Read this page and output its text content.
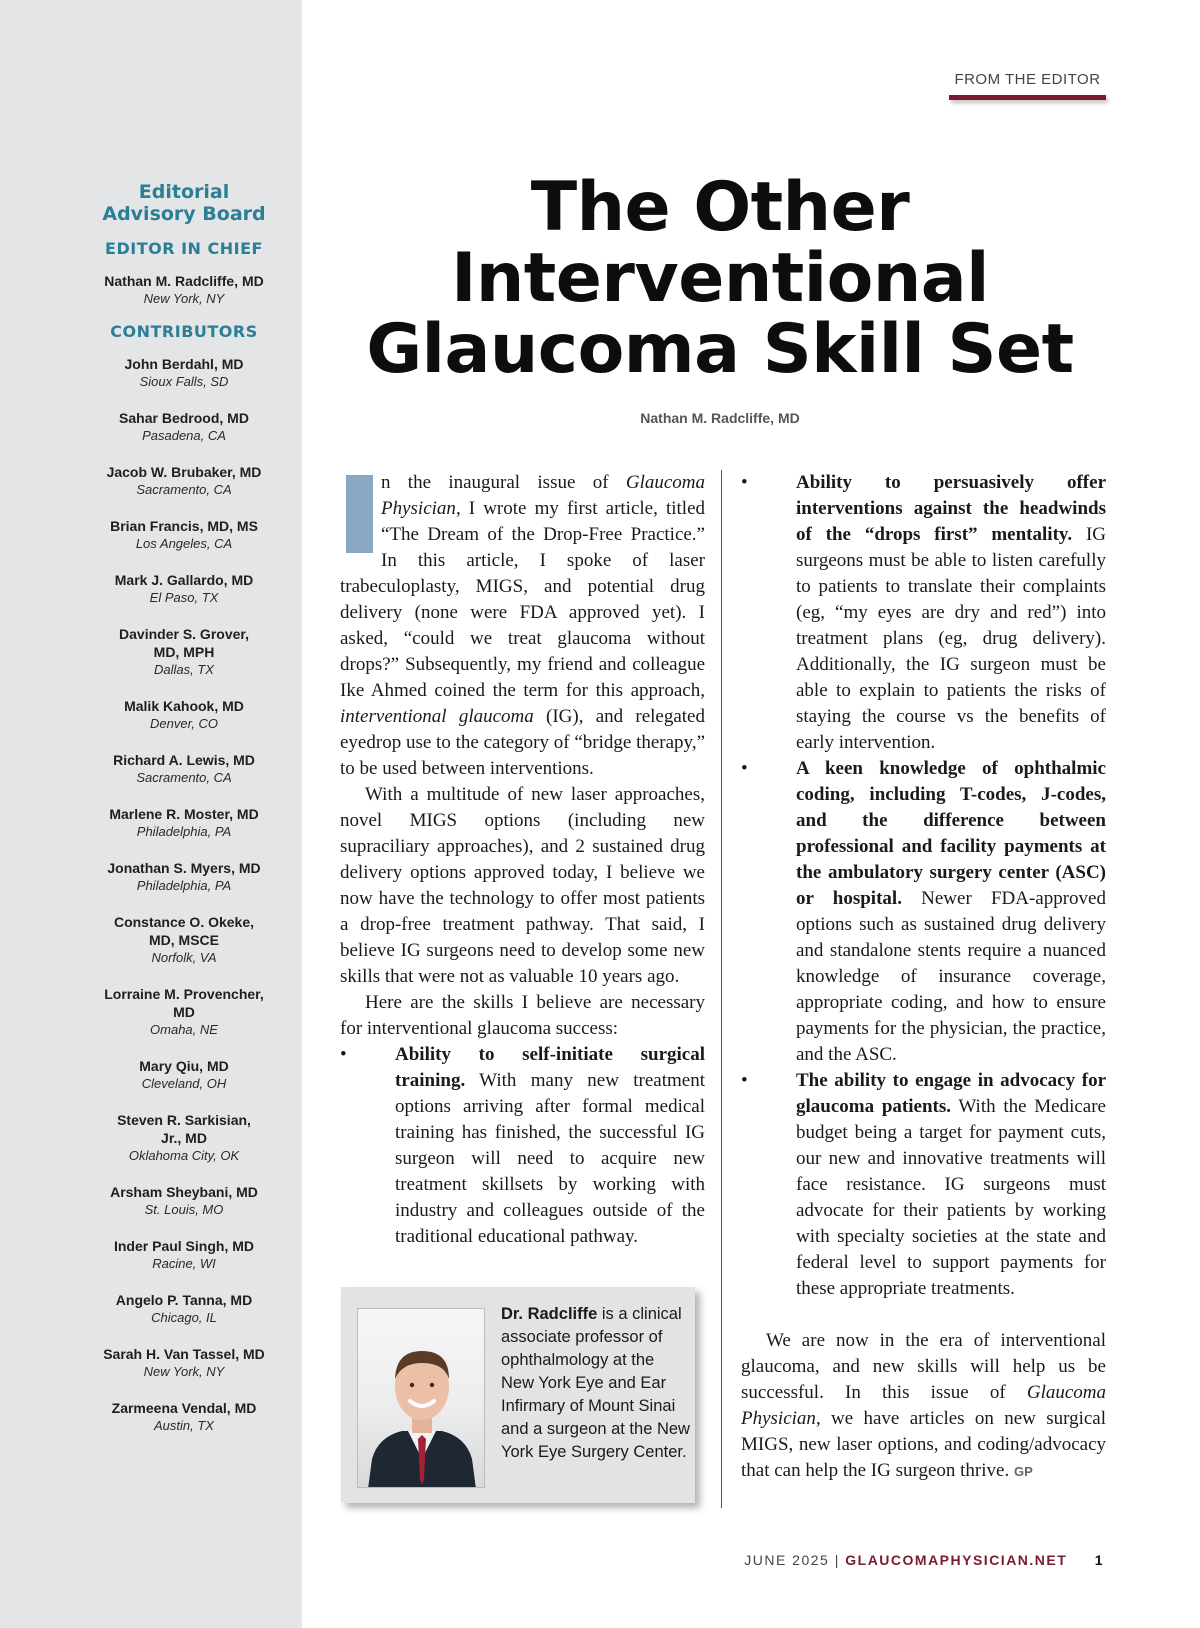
Editorial
Advisory Board
EDITOR IN CHIEF
Nathan M. Radcliffe, MD
New York, NY
CONTRIBUTORS
John Berdahl, MD
Sioux Falls, SD
Sahar Bedrood, MD
Pasadena, CA
Jacob W. Brubaker, MD
Sacramento, CA
Brian Francis, MD, MS
Los Angeles, CA
Mark J. Gallardo, MD
El Paso, TX
Davinder S. Grover,
MD, MPH
Dallas, TX
Malik Kahook, MD
Denver, CO
Richard A. Lewis, MD
Sacramento, CA
Marlene R. Moster, MD
Philadelphia, PA
Jonathan S. Myers, MD
Philadelphia, PA
Constance O. Okeke,
MD, MSCE
Norfolk, VA
Lorraine M. Provencher,
MD
Omaha, NE
Mary Qiu, MD
Cleveland, OH
Steven R. Sarkisian,
Jr., MD
Oklahoma City, OK
Arsham Sheybani, MD
St. Louis, MO
Inder Paul Singh, MD
Racine, WI
Angelo P. Tanna, MD
Chicago, IL
Sarah H. Van Tassel, MD
New York, NY
Zarmeena Vendal, MD
Austin, TX
FROM THE EDITOR
The Other
Interventional
Glaucoma Skill Set
Nathan M. Radcliffe, MD

n the inaugural issue of Glaucoma Physician, I wrote my first article, titled “The Dream of the Drop-Free Practice.” In this article, I spoke of laser trabeculoplasty, MIGS, and potential drug delivery (none were FDA approved yet). I asked, “could we treat glaucoma without drops?” Subsequently, my friend and colleague Ike Ahmed coined the term for this approach, interventional glaucoma (IG), and relegated eyedrop use to the category of “bridge therapy,” to be used between interventions.

With a multitude of new laser approaches, novel MIGS options (including new supraciliary approaches), and 2 sustained drug delivery options approved today, I believe we now have the technology to offer most patients a drop-free treatment pathway. That said, I believe IG surgeons need to develop some new skills that were not as valuable 10 years ago.

Here are the skills I believe are necessary for interventional glaucoma success:

•	Ability to self-initiate surgical training. With many new treatment options arriving after formal medical training has finished, the successful IG surgeon will need to acquire new treatment skillsets by working with industry and colleagues outside of the traditional educational pathway.
•	Ability to persuasively offer interventions against the headwinds of the “drops first” mentality. IG surgeons must be able to listen carefully to patients to translate their complaints (eg, “my eyes are dry and red”) into treatment plans (eg, drug delivery). Additionally, the IG surgeon must be able to explain to patients the risks of staying the course vs the benefits of early intervention.
•	A keen knowledge of ophthalmic coding, including T-codes, J-codes, and the difference between professional and facility payments at the ambulatory surgery center (ASC) or hospital. Newer FDA-approved options such as sustained drug delivery and standalone stents require a nuanced knowledge of insurance coverage, appropriate coding, and how to ensure payments for the physician, the practice, and the ASC.
•	The ability to engage in advocacy for glaucoma patients. With the Medicare budget being a target for payment cuts, our new and innovative treatments will face resistance. IG surgeons must advocate for their patients by working with specialty societies at the state and federal level to support payments for these appropriate treatments.

We are now in the era of interventional glaucoma, and new skills will help us be successful. In this issue of Glaucoma Physician, we have articles on new surgical MIGS, new laser options, and coding/advocacy that can help the IG surgeon thrive. GP

Dr. Radcliffe is a clinical associate professor of ophthalmology at the New York Eye and Ear Infirmary of Mount Sinai and a surgeon at the New York Eye Surgery Center.
JUNE 2025 | GLAUCOMAPHYSICIAN.NET 1
